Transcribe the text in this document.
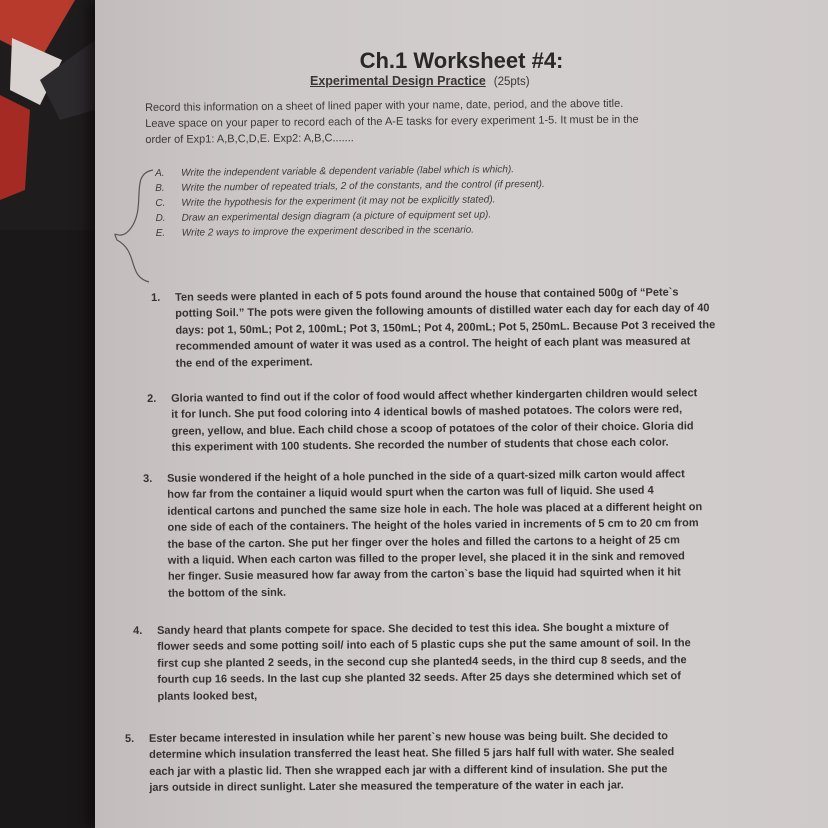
Ch.1 Worksheet #4:
Experimental Design Practice (25pts)
Record this information on a sheet of lined paper with your name, date, period, and the above title.
Leave space on your paper to record each of the A-E tasks for every experiment 1-5. It must be in the
order of Exp1: A,B,C,D,E. Exp2: A,B,C.......
A.	Write the independent variable & dependent variable (label which is which).
B.	Write the number of repeated trials, 2 of the constants, and the control (if present).
C.	Write the hypothesis for the experiment (it may not be explicitly stated).
D.	Draw an experimental design diagram (a picture of equipment set up).
E.	Write 2 ways to improve the experiment described in the scenario.
1.	Ten seeds were planted in each of 5 pots found around the house that contained 500g of “Pete`s
potting Soil.” The pots were given the following amounts of distilled water each day for each day of 40
days: pot 1, 50mL; Pot 2, 100mL; Pot 3, 150mL; Pot 4, 200mL; Pot 5, 250mL. Because Pot 3 received the
recommended amount of water it was used as a control. The height of each plant was measured at
the end of the experiment.
2.	Gloria wanted to find out if the color of food would affect whether kindergarten children would select
it for lunch. She put food coloring into 4 identical bowls of mashed potatoes. The colors were red,
green, yellow, and blue. Each child chose a scoop of potatoes of the color of their choice. Gloria did
this experiment with 100 students. She recorded the number of students that chose each color.
3.	Susie wondered if the height of a hole punched in the side of a quart-sized milk carton would affect
how far from the container a liquid would spurt when the carton was full of liquid. She used 4
identical cartons and punched the same size hole in each. The hole was placed at a different height on
one side of each of the containers. The height of the holes varied in increments of 5 cm to 20 cm from
the base of the carton. She put her finger over the holes and filled the cartons to a height of 25 cm
with a liquid. When each carton was filled to the proper level, she placed it in the sink and removed
her finger. Susie measured how far away from the carton`s base the liquid had squirted when it hit
the bottom of the sink.
4.	Sandy heard that plants compete for space. She decided to test this idea. She bought a mixture of
flower seeds and some potting soil/ into each of 5 plastic cups she put the same amount of soil. In the
first cup she planted 2 seeds, in the second cup she planted4 seeds, in the third cup 8 seeds, and the
fourth cup 16 seeds. In the last cup she planted 32 seeds. After 25 days she determined which set of
plants looked best,
5.	Ester became interested in insulation while her parent`s new house was being built. She decided to
determine which insulation transferred the least heat. She filled 5 jars half full with water. She sealed
each jar with a plastic lid. Then she wrapped each jar with a different kind of insulation. She put the
jars outside in direct sunlight. Later she measured the temperature of the water in each jar.
